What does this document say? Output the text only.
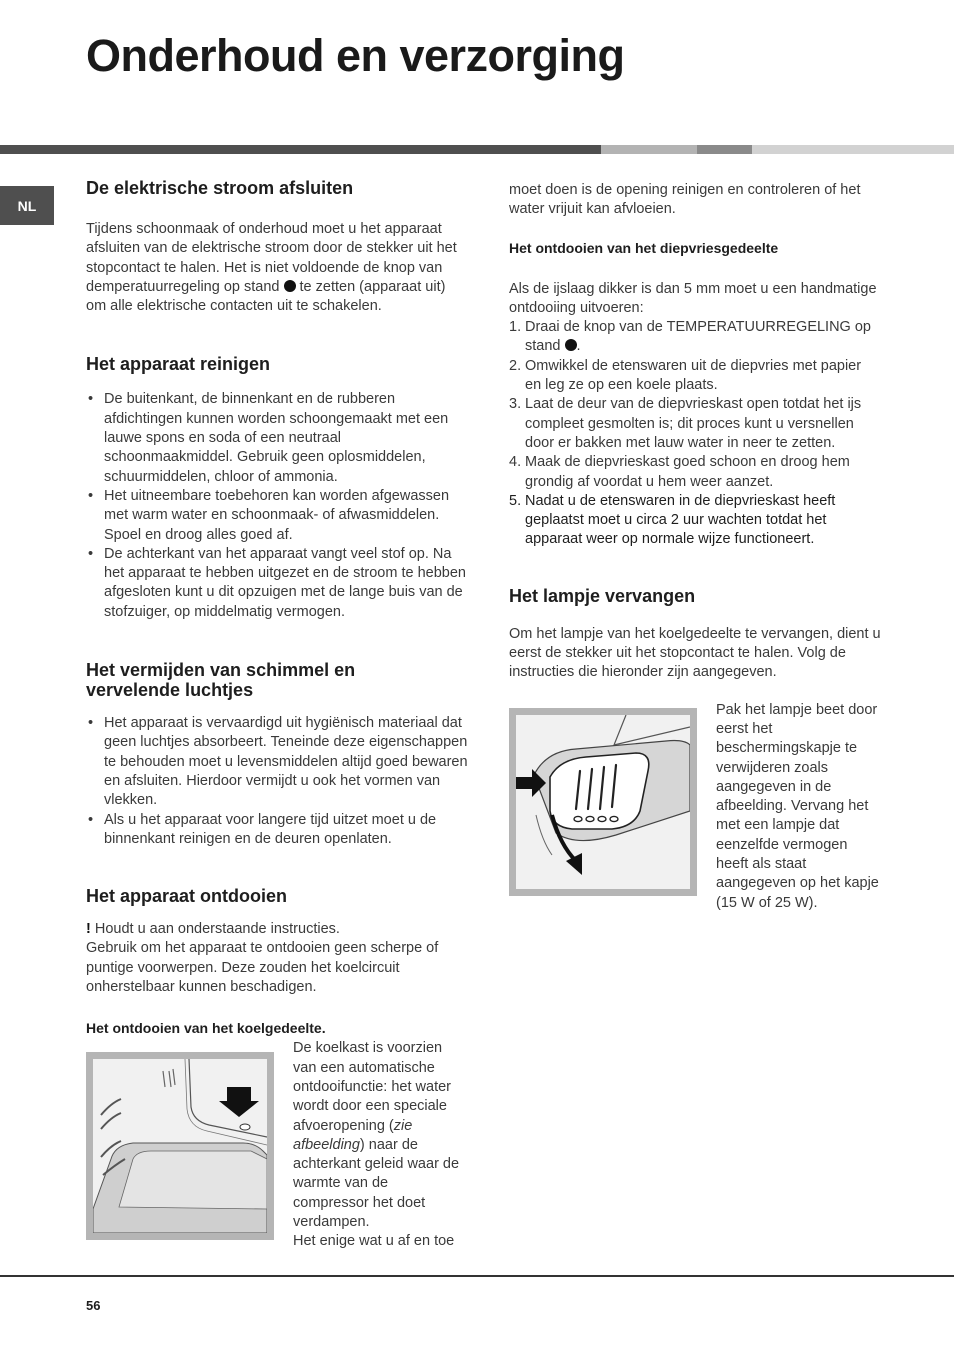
Onderhoud en verzorging
NL
De elektrische stroom afsluiten

Tijdens schoonmaak of onderhoud moet u het apparaat afsluiten van de elektrische stroom door de stekker uit het stopcontact te halen. Het is niet voldoende de knop van demperatuurregeling op stand te zetten (apparaat uit) om alle elektrische contacten uit te schakelen.

Het apparaat reinigen
• De buitenkant, de binnenkant en de rubberen afdichtingen kunnen worden schoongemaakt met een lauwe spons en soda of een neutraal schoonmaakmiddel. Gebruik geen oplosmiddelen, schuurmiddelen, chloor of ammonia.
• Het uitneembare toebehoren kan worden afgewassen met warm water en schoonmaak- of afwasmiddelen. Spoel en droog alles goed af.
• De achterkant van het apparaat vangt veel stof op. Na het apparaat te hebben uitgezet en de stroom te hebben afgesloten kunt u dit opzuigen met de lange buis van de stofzuiger, op middelmatig vermogen.
Het vermijden van schimmel en vervelende luchtjes
• Het apparaat is vervaardigd uit hygiënisch materiaal dat geen luchtjes absorbeert. Teneinde deze eigenschappen te behouden moet u levensmiddelen altijd goed bewaren en afsluiten. Hierdoor vermijdt u ook het vormen van vlekken.
• Als u het apparaat voor langere tijd uitzet moet u de binnenkant reinigen en de deuren openlaten.
Het apparaat ontdooien

! Houdt u aan onderstaande instructies.

Gebruik om het apparaat te ontdooien geen scherpe of puntige voorwerpen. Deze zouden het koelcircuit onherstelbaar kunnen beschadigen.

Het ontdooien van het koelgedeelte.

De koelkast is voorzien van een automatische ontdooifunctie: het water wordt door een speciale afvoeropening (zie afbeelding) naar de achterkant geleid waar de warmte van de compressor het doet verdampen.
Het enige wat u af en toe

moet doen is de opening reinigen en controleren of het water vrijuit kan afvloeien.

Het ontdooien van het diepvriesgedeelte

Als de ijslaag dikker is dan 5 mm moet u een handmatige ontdooiing uitvoeren:

1. Draai de knop van de TEMPERATUURREGELING op stand .
2. Omwikkel de etenswaren uit de diepvries met papier en leg ze op een koele plaats.
3. Laat de deur van de diepvrieskast open totdat het ijs compleet gesmolten is; dit proces kunt u versnellen door er bakken met lauw water in neer te zetten.
4. Maak de diepvrieskast goed schoon en droog hem grondig af voordat u hem weer aanzet.
5. Nadat u de etenswaren in de diepvrieskast heeft geplaatst moet u circa 2 uur wachten totdat het apparaat weer op normale wijze functioneert.
Het lampje vervangen

Om het lampje van het koelgedeelte te vervangen, dient u eerst de stekker uit het stopcontact te halen. Volg de instructies die hieronder zijn aangegeven.

Pak het lampje beet door eerst het beschermingskapje te verwijderen zoals aangegeven in de afbeelding. Vervang het met een lampje dat eenzelfde vermogen heeft als staat aangegeven op het kapje (15 W of 25 W).

56
